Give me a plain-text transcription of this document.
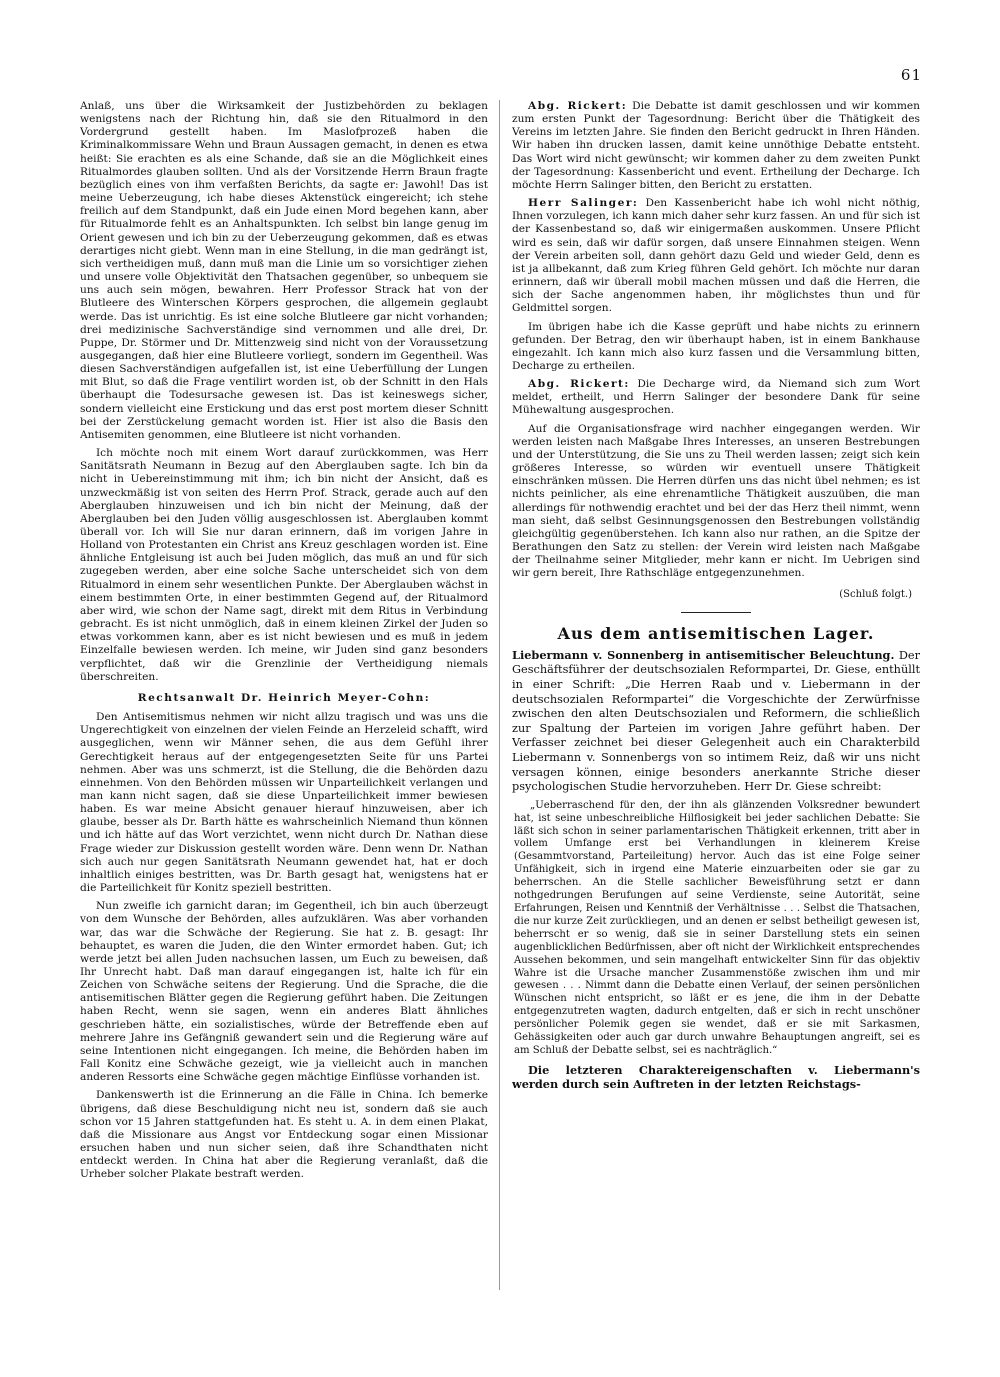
61

Anlaß, uns über die Wirksamkeit der Justizbehörden zu beklagen wenigstens nach der Richtung hin, daß sie den Ritualmord in den Vordergrund gestellt haben. Im Maslofprozeß haben die Kriminalkommissare Wehn und Braun Aussagen gemacht, in denen es etwa heißt: Sie erachten es als eine Schande, daß sie an die Möglichkeit eines Ritualmordes glauben sollten. Und als der Vorsitzende Herrn Braun fragte bezüglich eines von ihm verfaßten Berichts, da sagte er: Jawohl! Das ist meine Ueberzeugung, ich habe dieses Aktenstück eingereicht; ich stehe freilich auf dem Standpunkt, daß ein Jude einen Mord begehen kann, aber für Ritualmorde fehlt es an Anhaltspunkten. Ich selbst bin lange genug im Orient gewesen und ich bin zu der Ueberzeugung gekommen, daß es etwas derartiges nicht giebt. Wenn man in eine Stellung, in die man gedrängt ist, sich vertheidigen muß, dann muß man die Linie um so vorsichtiger ziehen und unsere volle Objektivität den Thatsachen gegenüber, so unbequem sie uns auch sein mögen, bewahren. Herr Professor Strack hat von der Blutleere des Winterschen Körpers gesprochen, die allgemein geglaubt werde. Das ist unrichtig. Es ist eine solche Blutleere gar nicht vorhanden; drei medizinische Sachverständige sind vernommen und alle drei, Dr. Puppe, Dr. Störmer und Dr. Mittenzweig sind nicht von der Voraussetzung ausgegangen, daß hier eine Blutleere vorliegt, sondern im Gegentheil. Was diesen Sachverständigen aufgefallen ist, ist eine Ueberfüllung der Lungen mit Blut, so daß die Frage ventilirt worden ist, ob der Schnitt in den Hals überhaupt die Todesursache gewesen ist. Das ist keineswegs sicher, sondern vielleicht eine Erstickung und das erst post mortem dieser Schnitt bei der Zerstückelung gemacht worden ist. Hier ist also die Basis den Antisemiten genommen, eine Blutleere ist nicht vorhanden.

Ich möchte noch mit einem Wort darauf zurückkommen, was Herr Sanitätsrath Neumann in Bezug auf den Aberglauben sagte. Ich bin da nicht in Uebereinstimmung mit ihm; ich bin nicht der Ansicht, daß es unzweckmäßig ist von seiten des Herrn Prof. Strack, gerade auch auf den Aberglauben hinzuweisen und ich bin nicht der Meinung, daß der Aberglauben bei den Juden völlig ausgeschlossen ist. Aberglauben kommt überall vor. Ich will Sie nur daran erinnern, daß im vorigen Jahre in Holland von Protestanten ein Christ ans Kreuz geschlagen worden ist. Eine ähnliche Entgleisung ist auch bei Juden möglich, das muß an und für sich zugegeben werden, aber eine solche Sache unterscheidet sich von dem Ritualmord in einem sehr wesentlichen Punkte. Der Aberglauben wächst in einem bestimmten Orte, in einer bestimmten Gegend auf, der Ritualmord aber wird, wie schon der Name sagt, direkt mit dem Ritus in Verbindung gebracht. Es ist nicht unmöglich, daß in einem kleinen Zirkel der Juden so etwas vorkommen kann, aber es ist nicht bewiesen und es muß in jedem Einzelfalle bewiesen werden. Ich meine, wir Juden sind ganz besonders verpflichtet, daß wir die Grenzlinie der Vertheidigung niemals überschreiten.

Rechtsanwalt Dr. Heinrich Meyer-Cohn:

Den Antisemitismus nehmen wir nicht allzu tragisch und was uns die Ungerechtigkeit von einzelnen der vielen Feinde an Herzeleid schafft, wird ausgeglichen, wenn wir Männer sehen, die aus dem Gefühl ihrer Gerechtigkeit heraus auf der entgegengesetzten Seite für uns Partei nehmen. Aber was uns schmerzt, ist die Stellung, die die Behörden dazu einnehmen. Von den Behörden müssen wir Unparteilichkeit verlangen und man kann nicht sagen, daß sie diese Unparteilichkeit immer bewiesen haben. Es war meine Absicht genauer hierauf hinzuweisen, aber ich glaube, besser als Dr. Barth hätte es wahrscheinlich Niemand thun können und ich hätte auf das Wort verzichtet, wenn nicht durch Dr. Nathan diese Frage wieder zur Diskussion gestellt worden wäre. Denn wenn Dr. Nathan sich auch nur gegen Sanitätsrath Neumann gewendet hat, hat er doch inhaltlich einiges bestritten, was Dr. Barth gesagt hat, wenigstens hat er die Parteilichkeit für Konitz speziell bestritten.

Nun zweifle ich garnicht daran; im Gegentheil, ich bin auch überzeugt von dem Wunsche der Behörden, alles aufzuklären. Was aber vorhanden war, das war die Schwäche der Regierung. Sie hat z. B. gesagt: Ihr behauptet, es waren die Juden, die den Winter ermordet haben. Gut; ich werde jetzt bei allen Juden nachsuchen lassen, um Euch zu beweisen, daß Ihr Unrecht habt. Daß man darauf eingegangen ist, halte ich für ein Zeichen von Schwäche seitens der Regierung. Und die Sprache, die die antisemitischen Blätter gegen die Regierung geführt haben. Die Zeitungen haben Recht, wenn sie sagen, wenn ein anderes Blatt ähnliches geschrieben hätte, ein sozialistisches, würde der Betreffende eben auf mehrere Jahre ins Gefängniß gewandert sein und die Regierung wäre auf seine Intentionen nicht eingegangen. Ich meine, die Behörden haben im Fall Konitz eine Schwäche gezeigt, wie ja vielleicht auch in manchen anderen Ressorts eine Schwäche gegen mächtige Einflüsse vorhanden ist.

Dankenswerth ist die Erinnerung an die Fälle in China. Ich bemerke übrigens, daß diese Beschuldigung nicht neu ist, sondern daß sie auch schon vor 15 Jahren stattgefunden hat. Es steht u. A. in dem einen Plakat, daß die Missionare aus Angst vor Entdeckung sogar einen Missionar ersuchen haben und nun sicher seien, daß ihre Schandthaten nicht entdeckt werden. In China hat aber die Regierung veranlaßt, daß die Urheber solcher Plakate bestraft werden.

Abg. Rickert: Die Debatte ist damit geschlossen und wir kommen zum ersten Punkt der Tagesordnung: Bericht über die Thätigkeit des Vereins im letzten Jahre. Sie finden den Bericht gedruckt in Ihren Händen. Wir haben ihn drucken lassen, damit keine unnöthige Debatte entsteht. Das Wort wird nicht gewünscht; wir kommen daher zu dem zweiten Punkt der Tagesordnung: Kassenbericht und event. Ertheilung der Decharge. Ich möchte Herrn Salinger bitten, den Bericht zu erstatten.

Herr Salinger: Den Kassenbericht habe ich wohl nicht nöthig, Ihnen vorzulegen, ich kann mich daher sehr kurz fassen. An und für sich ist der Kassenbestand so, daß wir einigermaßen auskommen. Unsere Pflicht wird es sein, daß wir dafür sorgen, daß unsere Einnahmen steigen. Wenn der Verein arbeiten soll, dann gehört dazu Geld und wieder Geld, denn es ist ja allbekannt, daß zum Krieg führen Geld gehört. Ich möchte nur daran erinnern, daß wir überall mobil machen müssen und daß die Herren, die sich der Sache angenommen haben, ihr möglichstes thun und für Geldmittel sorgen.

Im übrigen habe ich die Kasse geprüft und habe nichts zu erinnern gefunden. Der Betrag, den wir überhaupt haben, ist in einem Bankhause eingezahlt. Ich kann mich also kurz fassen und die Versammlung bitten, Decharge zu ertheilen.

Abg. Rickert: Die Decharge wird, da Niemand sich zum Wort meldet, ertheilt, und Herrn Salinger der besondere Dank für seine Mühewaltung ausgesprochen.

Auf die Organisationsfrage wird nachher eingegangen werden. Wir werden leisten nach Maßgabe Ihres Interesses, an unseren Bestrebungen und der Unterstützung, die Sie uns zu Theil werden lassen; zeigt sich kein größeres Interesse, so würden wir eventuell unsere Thätigkeit einschränken müssen. Die Herren dürfen uns das nicht übel nehmen; es ist nichts peinlicher, als eine ehrenamtliche Thätigkeit auszuüben, die man allerdings für nothwendig erachtet und bei der das Herz theil nimmt, wenn man sieht, daß selbst Gesinnungsgenossen den Bestrebungen vollständig gleichgültig gegenüberstehen. Ich kann also nur rathen, an die Spitze der Berathungen den Satz zu stellen: der Verein wird leisten nach Maßgabe der Theilnahme seiner Mitglieder, mehr kann er nicht. Im Uebrigen sind wir gern bereit, Ihre Rathschläge entgegenzunehmen.

(Schluß folgt.)

Aus dem antisemitischen Lager.

Liebermann v. Sonnenberg in antisemitischer Beleuchtung. Der Geschäftsführer der deutschsozialen Reformpartei, Dr. Giese, enthüllt in einer Schrift: „Die Herren Raab und v. Liebermann in der deutschsozialen Reformpartei“ die Vorgeschichte der Zerwürfnisse zwischen den alten Deutschsozialen und Reformern, die schließlich zur Spaltung der Parteien im vorigen Jahre geführt haben. Der Verfasser zeichnet bei dieser Gelegenheit auch ein Charakterbild Liebermann v. Sonnenbergs von so intimem Reiz, daß wir uns nicht versagen können, einige besonders anerkannte Striche dieser psychologischen Studie hervorzuheben. Herr Dr. Giese schreibt:

„Ueberraschend für den, der ihn als glänzenden Volksredner bewundert hat, ist seine unbeschreibliche Hilflosigkeit bei jeder sachlichen Debatte: Sie läßt sich schon in seiner parlamentarischen Thätigkeit erkennen, tritt aber in vollem Umfange erst bei Verhandlungen in kleinerem Kreise (Gesammtvorstand, Parteileitung) hervor. Auch das ist eine Folge seiner Unfähigkeit, sich in irgend eine Materie einzuarbeiten oder sie gar zu beherrschen. An die Stelle sachlicher Beweisführung setzt er dann nothgedrungen Berufungen auf seine Verdienste, seine Autorität, seine Erfahrungen, Reisen und Kenntniß der Verhältnisse . . . Selbst die Thatsachen, die nur kurze Zeit zurückliegen, und an denen er selbst betheiligt gewesen ist, beherrscht er so wenig, daß sie in seiner Darstellung stets ein seinen augenblicklichen Bedürfnissen, aber oft nicht der Wirklichkeit entsprechendes Aussehen bekommen, und sein mangelhaft entwickelter Sinn für das objektiv Wahre ist die Ursache mancher Zusammenstöße zwischen ihm und mir gewesen . . . Nimmt dann die Debatte einen Verlauf, der seinen persönlichen Wünschen nicht entspricht, so läßt er es jene, die ihm in der Debatte entgegenzutreten wagten, dadurch entgelten, daß er sich in recht unschöner persönlicher Polemik gegen sie wendet, daß er sie mit Sarkasmen, Gehässigkeiten oder auch gar durch unwahre Behauptungen angreift, sei es am Schluß der Debatte selbst, sei es nachträglich.“

Die letzteren Charaktereigenschaften v. Liebermann's werden durch sein Auftreten in der letzten Reichstags-
